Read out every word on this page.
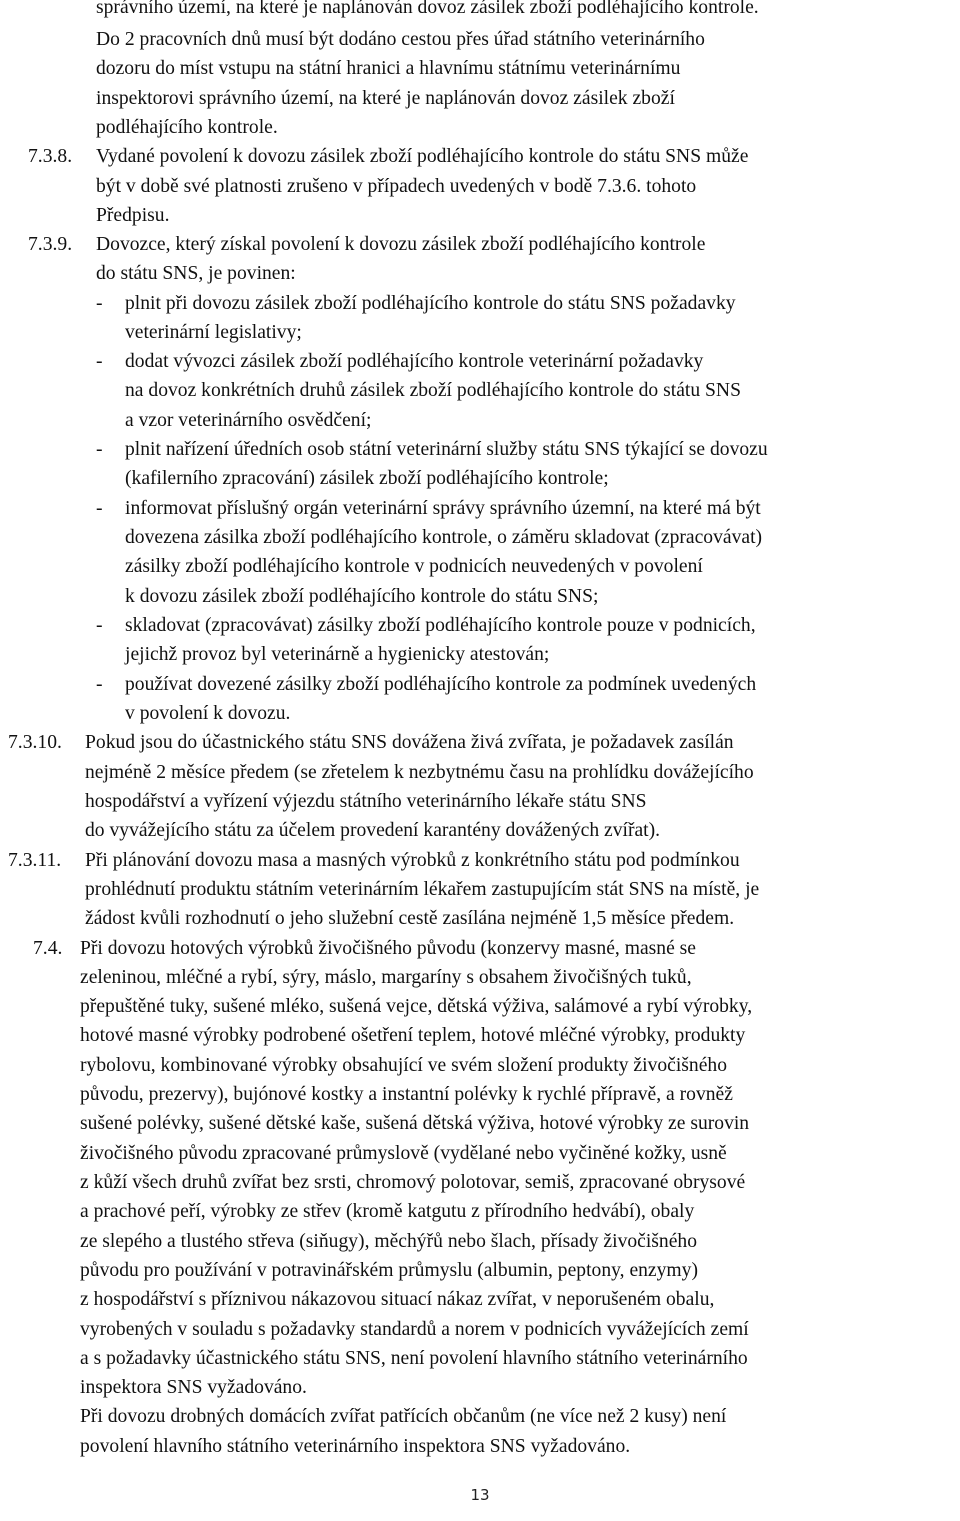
správního území, na které je naplánován dovoz zásilek zboží podléhajícího kontrole.
Do 2 pracovních dnů musí být dodáno cestou přes úřad státního veterinárního
dozoru do míst vstupu na státní hranici a hlavnímu státnímu veterinárnímu
inspektorovi správního území, na které je naplánován dovoz zásilek zboží
podléhajícího kontrole.
7.3.8. Vydané povolení k dovozu zásilek zboží podléhajícího kontrole do státu SNS může
být v době své platnosti zrušeno v případech uvedených v bodě 7.3.6. tohoto
Předpisu.
7.3.9. Dovozce, který získal povolení k dovozu zásilek zboží podléhajícího kontrole
do státu SNS, je povinen:
- plnit při dovozu zásilek zboží podléhajícího kontrole do státu SNS požadavky
veterinární legislativy;
- dodat vývozci zásilek zboží podléhajícího kontrole veterinární požadavky
na dovoz konkrétních druhů zásilek zboží podléhajícího kontrole do státu SNS
a vzor veterinárního osvědčení;
- plnit nařízení úředních osob státní veterinární služby státu SNS týkající se dovozu
(kafilerního zpracování) zásilek zboží podléhajícího kontrole;
- informovat příslušný orgán veterinární správy správního územní, na které má být
dovezena zásilka zboží podléhajícího kontrole, o záměru skladovat (zpracovávat)
zásilky zboží podléhajícího kontrole v podnicích neuvedených v povolení
k dovozu zásilek zboží podléhajícího kontrole do státu SNS;
- skladovat (zpracovávat) zásilky zboží podléhajícího kontrole pouze v podnicích,
jejichž provoz byl veterinárně a hygienicky atestován;
- používat dovezené zásilky zboží podléhajícího kontrole za podmínek uvedených
v povolení k dovozu.
7.3.10. Pokud jsou do účastnického státu SNS dovážena živá zvířata, je požadavek zasílán
nejméně 2 měsíce předem (se zřetelem k nezbytnému času na prohlídku dovážejícího
hospodářství a vyřízení výjezdu státního veterinárního lékaře státu SNS
do vyvážejícího státu za účelem provedení karantény dovážených zvířat).
7.3.11. Při plánování dovozu masa a masných výrobků z konkrétního státu pod podmínkou
prohlédnutí produktu státním veterinárním lékařem zastupujícím stát SNS na místě, je
žádost kvůli rozhodnutí o jeho služební cestě zasílána nejméně 1,5 měsíce předem.
7.4. Při dovozu hotových výrobků živočišného původu (konzervy masné, masné se
zeleninou, mléčné a rybí, sýry, máslo, margaríny s obsahem živočišných tuků,
přepuštěné tuky, sušené mléko, sušená vejce, dětská výživa, salámové a rybí výrobky,
hotové masné výrobky podrobené ošetření teplem, hotové mléčné výrobky, produkty
rybolovu, kombinované výrobky obsahující ve svém složení produkty živočišného
původu, prezervy), bujónové kostky a instantní polévky k rychlé přípravě, a rovněž
sušené polévky, sušené dětské kaše, sušená dětská výživa, hotové výrobky ze surovin
živočišného původu zpracované průmyslově (vydělané nebo vyčiněné kožky, usně
z kůží všech druhů zvířat bez srsti, chromový polotovar, semiš, zpracované obrysové
a prachové peří, výrobky ze střev (kromě katgutu z přírodního hedvábí), obaly
ze slepého a tlustého střeva (siňugy), měchýřů nebo šlach, přísady živočišného
původu pro používání v potravinářském průmyslu (albumin, peptony, enzymy)
z hospodářství s příznivou nákazovou situací nákaz zvířat, v neporušeném obalu,
vyrobených v souladu s požadavky standardů a norem v podnicích vyvážejících zemí
a s požadavky účastnického státu SNS, není povolení hlavního státního veterinárního
inspektora SNS vyžadováno.
Při dovozu drobných domácích zvířat patřících občanům (ne více než 2 kusy) není
povolení hlavního státního veterinárního inspektora SNS vyžadováno.
13
